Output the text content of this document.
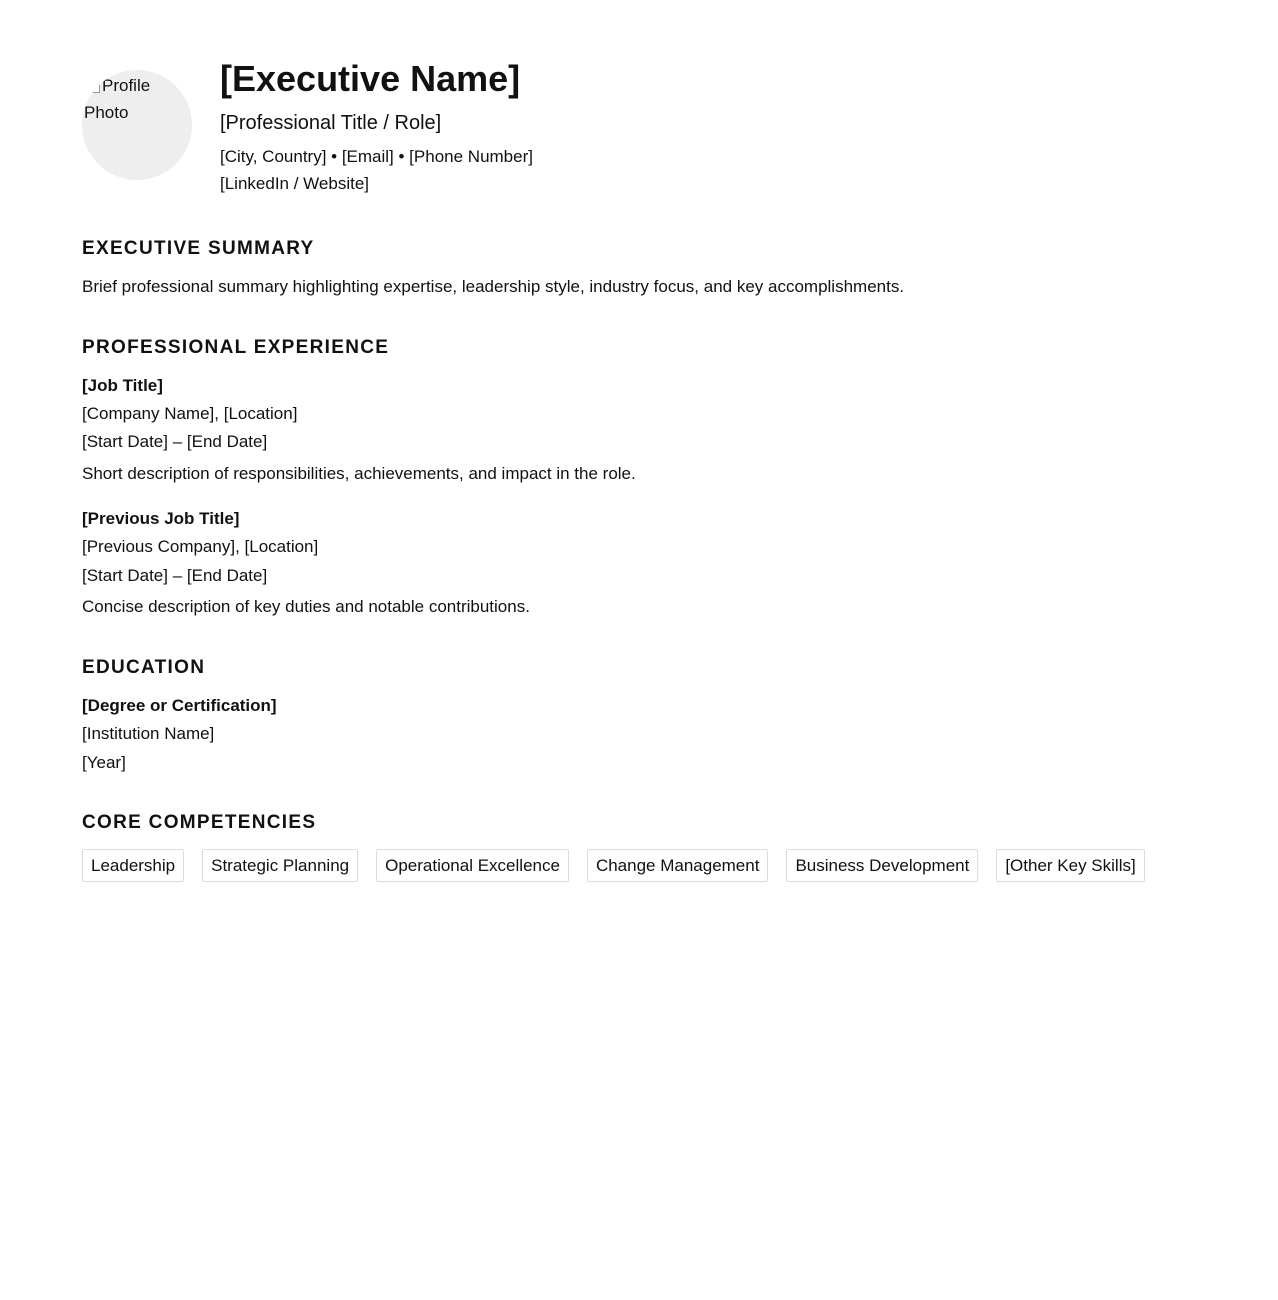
Profile Photo
[Executive Name]
[Professional Title / Role]
[City, Country] • [Email] • [Phone Number]
[LinkedIn / Website]
EXECUTIVE SUMMARY
Brief professional summary highlighting expertise, leadership style, industry focus, and key accomplishments.
PROFESSIONAL EXPERIENCE
[Job Title]
[Company Name], [Location]
[Start Date] – [End Date]
Short description of responsibilities, achievements, and impact in the role.
[Previous Job Title]
[Previous Company], [Location]
[Start Date] – [End Date]
Concise description of key duties and notable contributions.
EDUCATION
[Degree or Certification]
[Institution Name]
[Year]
CORE COMPETENCIES
Leadership	Strategic Planning	Operational Excellence	Change Management	Business Development	[Other Key Skills]
